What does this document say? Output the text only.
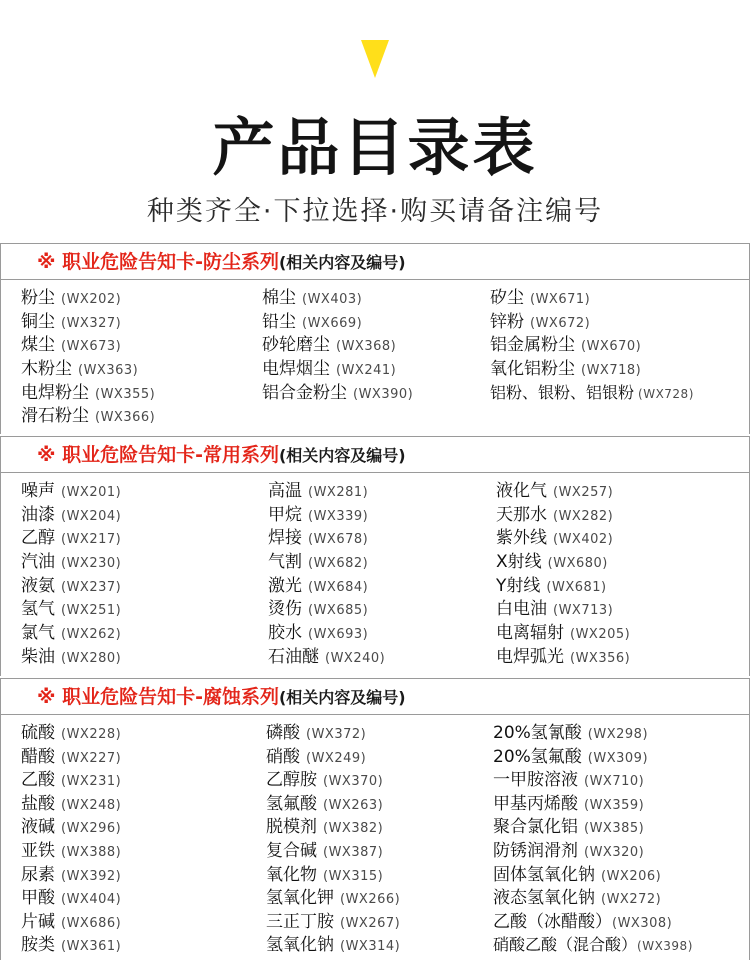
产品目录表
种类齐全·下拉选择·购买请备注编号
※ 职业危险告知卡-防尘系列(相关内容及编号)
粉尘 (WX202)
铜尘 (WX327)
煤尘 (WX673)
木粉尘 (WX363)
电焊粉尘 (WX355)
滑石粉尘 (WX366)
棉尘 (WX403)
铅尘 (WX669)
砂轮磨尘 (WX368)
电焊烟尘 (WX241)
铝合金粉尘 (WX390)
矽尘 (WX671)
锌粉 (WX672)
铝金属粉尘 (WX670)
氧化铝粉尘 (WX718)
铝粉、银粉、铝银粉 (WX728)
※ 职业危险告知卡-常用系列(相关内容及编号)
噪声 (WX201)
油漆 (WX204)
乙醇 (WX217)
汽油 (WX230)
液氨 (WX237)
氢气 (WX251)
氯气 (WX262)
柴油 (WX280)
高温 (WX281)
甲烷 (WX339)
焊接 (WX678)
气割 (WX682)
激光 (WX684)
烫伤 (WX685)
胶水 (WX693)
石油醚 (WX240)
液化气 (WX257)
天那水 (WX282)
紫外线 (WX402)
X射线 (WX680)
Y射线 (WX681)
白电油 (WX713)
电离辐射 (WX205)
电焊弧光 (WX356)
※ 职业危险告知卡-腐蚀系列(相关内容及编号)
硫酸 (WX228)
醋酸 (WX227)
乙酸 (WX231)
盐酸 (WX248)
液碱 (WX296)
亚铁 (WX388)
尿素 (WX392)
甲酸 (WX404)
片碱 (WX686)
胺类 (WX361)
磷酸 (WX372)
硝酸 (WX249)
乙醇胺 (WX370)
氢氟酸 (WX263)
脱模剂 (WX382)
复合碱 (WX387)
氧化物 (WX315)
氢氧化钾 (WX266)
三正丁胺 (WX267)
氢氧化钠 (WX314)
20%氢氰酸 (WX298)
20%氢氟酸 (WX309)
一甲胺溶液 (WX710)
甲基丙烯酸 (WX359)
聚合氯化铝 (WX385)
防锈润滑剂 (WX320)
固体氢氧化钠 (WX206)
液态氢氧化钠 (WX272)
乙酸（冰醋酸）(WX308)
硝酸乙酸（混合酸）(WX398)
